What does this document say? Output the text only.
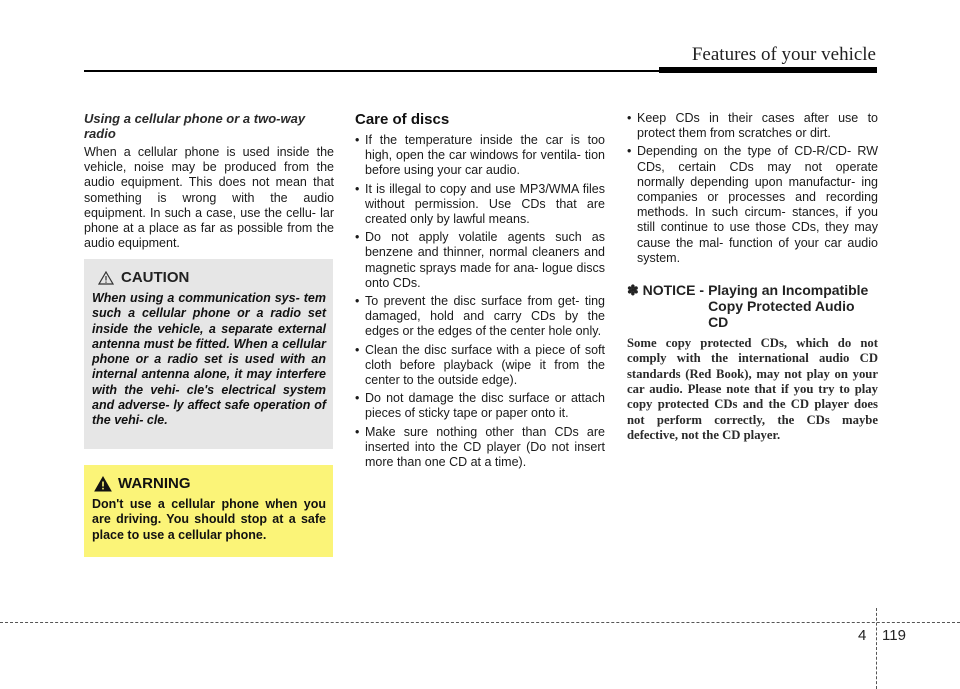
Features of your vehicle

Using a cellular phone or a two-way radio

When a cellular phone is used inside the vehicle, noise may be produced from the audio equipment. This does not mean that something is wrong with the audio equipment. In such a case, use the cellu- lar phone at a place as far as possible from the audio equipment.

CAUTION

When using a communication sys- tem such a cellular phone or a radio set inside the vehicle, a separate external antenna must be fitted. When a cellular phone or a radio set is used with an internal antenna alone, it may interfere with the vehi- cle's electrical system and adverse- ly affect safe operation of the vehi- cle.

WARNING

Don't use a cellular phone when you are driving. You should stop at a safe place to use a cellular phone.

Care of discs

• If the temperature inside the car is too high, open the car windows for ventila- tion before using your car audio.
• It is illegal to copy and use MP3/WMA files without permission. Use CDs that are created only by lawful means.
• Do not apply volatile agents such as benzene and thinner, normal cleaners and magnetic sprays made for ana- logue discs onto CDs.
• To prevent the disc surface from get- ting damaged, hold and carry CDs by the edges or the edges of the center hole only.
• Clean the disc surface with a piece of soft cloth before playback (wipe it from the center to the outside edge).
• Do not damage the disc surface or attach pieces of sticky tape or paper onto it.
• Make sure nothing other than CDs are inserted into the CD player (Do not insert more than one CD at a time).
• Keep CDs in their cases after use to protect them from scratches or dirt.
• Depending on the type of CD-R/CD- RW CDs, certain CDs may not operate normally depending upon manufactur- ing companies or processes and recording methods. In such circum- stances, if you still continue to use those CDs, they may cause the mal- function of your car audio system.
✽ NOTICE - Playing an Incompatible Copy Protected Audio CD

Some copy protected CDs, which do not comply with the international audio CD standards (Red Book), may not play on your car audio. Please note that if you try to play copy protected CDs and the CD player does not perform correctly, the CDs maybe defective, not the CD player.

4 119
